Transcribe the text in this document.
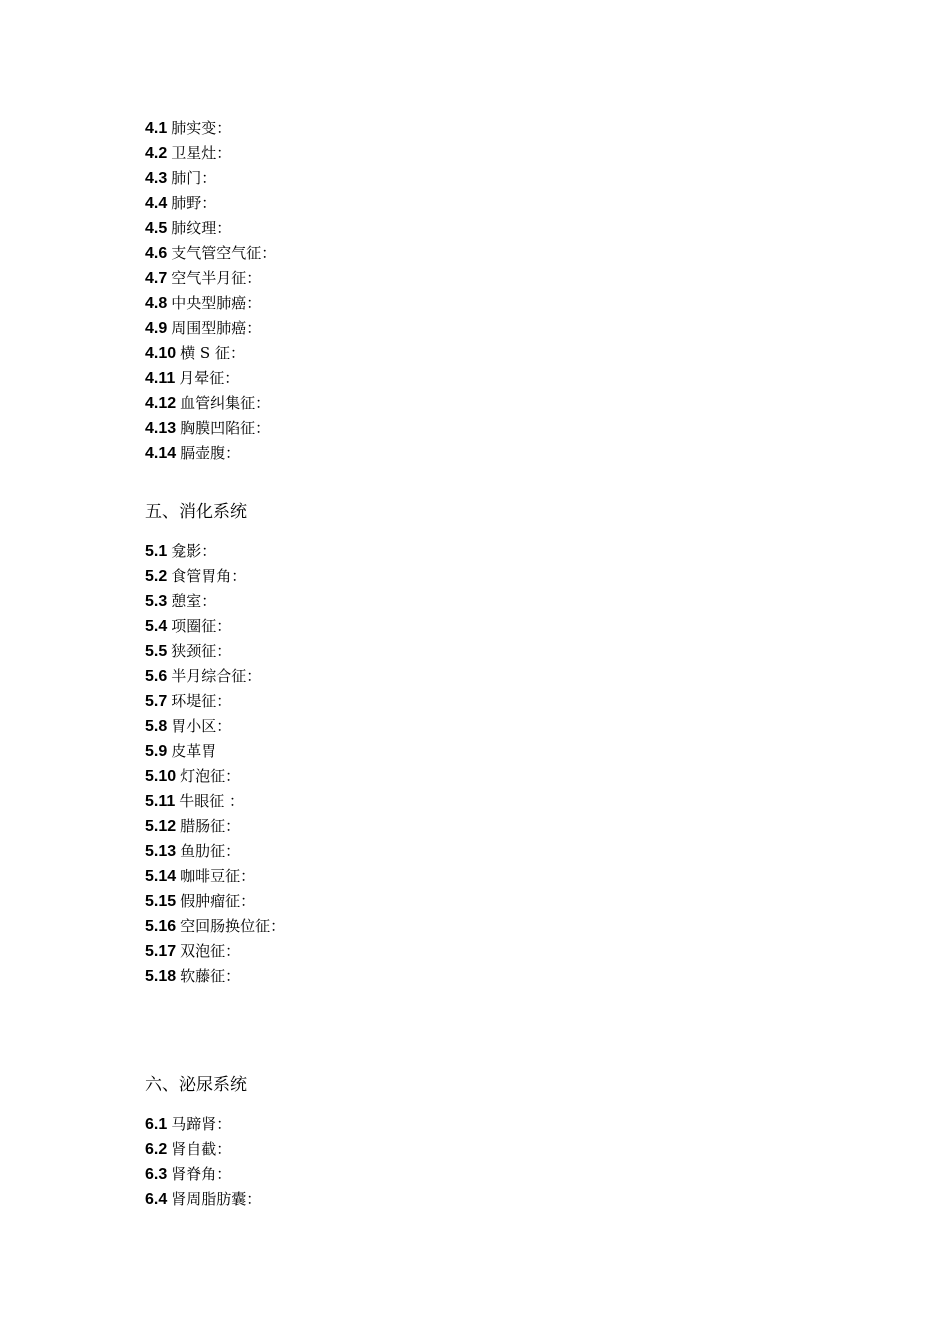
4.1 肺实变：
4.2 卫星灶：
4.3 肺门：
4.4 肺野：
4.5 肺纹理：
4.6 支气管空气征：
4.7 空气半月征：
4.8 中央型肺癌：
4.9 周围型肺癌：
4.10 横 S 征：
4.11 月晕征：
4.12 血管纠集征：
4.13 胸膜凹陷征：
4.14 膈壶腹：
五、消化系统
5.1 龛影：
5.2 食管胃角：
5.3 憩室：
5.4 项圈征：
5.5 狭颈征：
5.6 半月综合征：
5.7 环堤征：
5.8 胃小区：
5.9 皮革胃
5.10 灯泡征：
5.11 牛眼征 ：
5.12 腊肠征：
5.13 鱼肋征：
5.14 咖啡豆征：
5.15 假肿瘤征：
5.16 空回肠换位征：
5.17 双泡征：
5.18 软藤征：
六、泌尿系统
6.1 马蹄肾：
6.2 肾自截：
6.3 肾脊角：
6.4 肾周脂肪囊：
